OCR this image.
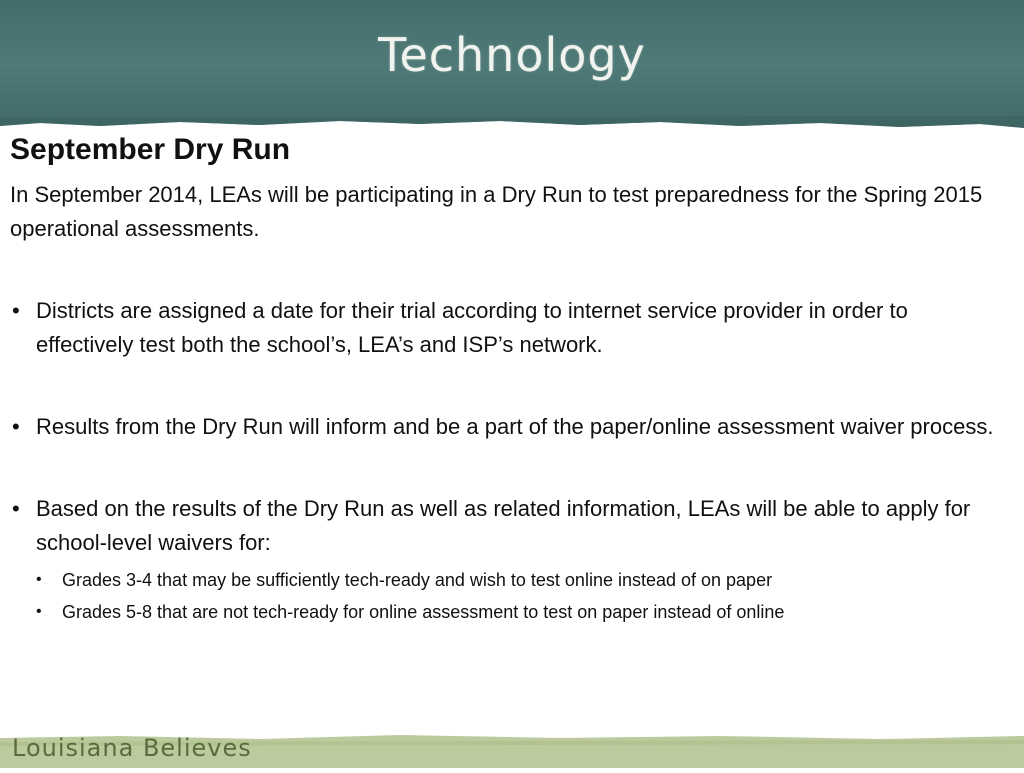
Technology
September Dry Run

In September 2014, LEAs will be participating in a Dry Run to test preparedness for the Spring 2015 operational assessments.

• Districts are assigned a date for their trial according to internet service provider in order to effectively test both the school’s, LEA’s and ISP’s network.
• Results from the Dry Run will inform and be a part of the paper/online assessment waiver process.
• Based on the results of the Dry Run as well as related information, LEAs will be able to apply for school-level waivers for:
• Grades 3-4 that may be sufficiently tech-ready and wish to test online instead of on paper
• Grades 5-8 that are not tech-ready for online assessment to test on paper instead of online
Louisiana Believes
